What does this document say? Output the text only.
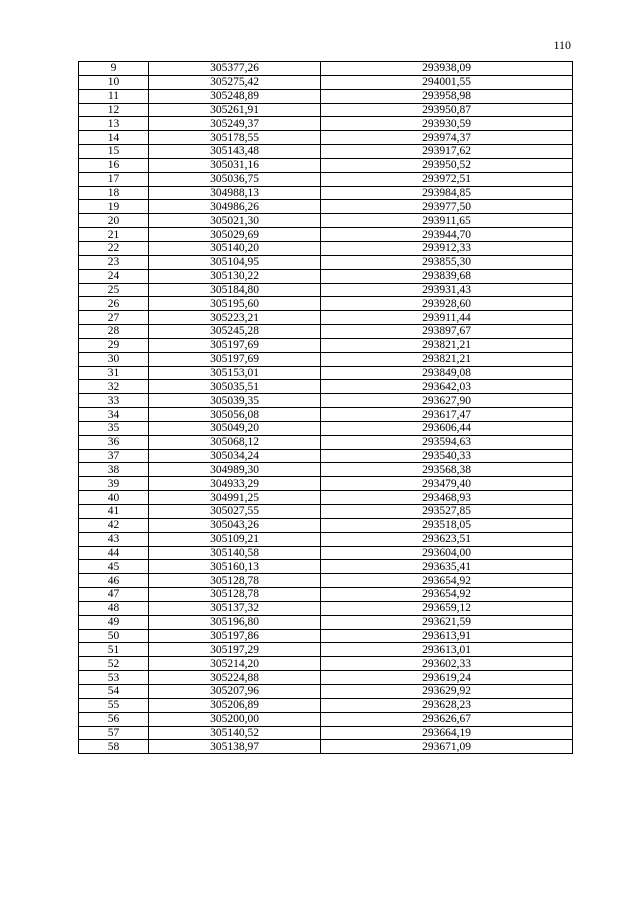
110
9	305377,26	293938,09
10	305275,42	294001,55
11	305248,89	293958,98
12	305261,91	293950,87
13	305249,37	293930,59
14	305178,55	293974,37
15	305143,48	293917,62
16	305031,16	293950,52
17	305036,75	293972,51
18	304988,13	293984,85
19	304986,26	293977,50
20	305021,30	293911,65
21	305029,69	293944,70
22	305140,20	293912,33
23	305104,95	293855,30
24	305130,22	293839,68
25	305184,80	293931,43
26	305195,60	293928,60
27	305223,21	293911,44
28	305245,28	293897,67
29	305197,69	293821,21
30	305197,69	293821,21
31	305153,01	293849,08
32	305035,51	293642,03
33	305039,35	293627,90
34	305056,08	293617,47
35	305049,20	293606,44
36	305068,12	293594,63
37	305034,24	293540,33
38	304989,30	293568,38
39	304933,29	293479,40
40	304991,25	293468,93
41	305027,55	293527,85
42	305043,26	293518,05
43	305109,21	293623,51
44	305140,58	293604,00
45	305160,13	293635,41
46	305128,78	293654,92
47	305128,78	293654,92
48	305137,32	293659,12
49	305196,80	293621,59
50	305197,86	293613,91
51	305197,29	293613,01
52	305214,20	293602,33
53	305224,88	293619,24
54	305207,96	293629,92
55	305206,89	293628,23
56	305200,00	293626,67
57	305140,52	293664,19
58	305138,97	293671,09
